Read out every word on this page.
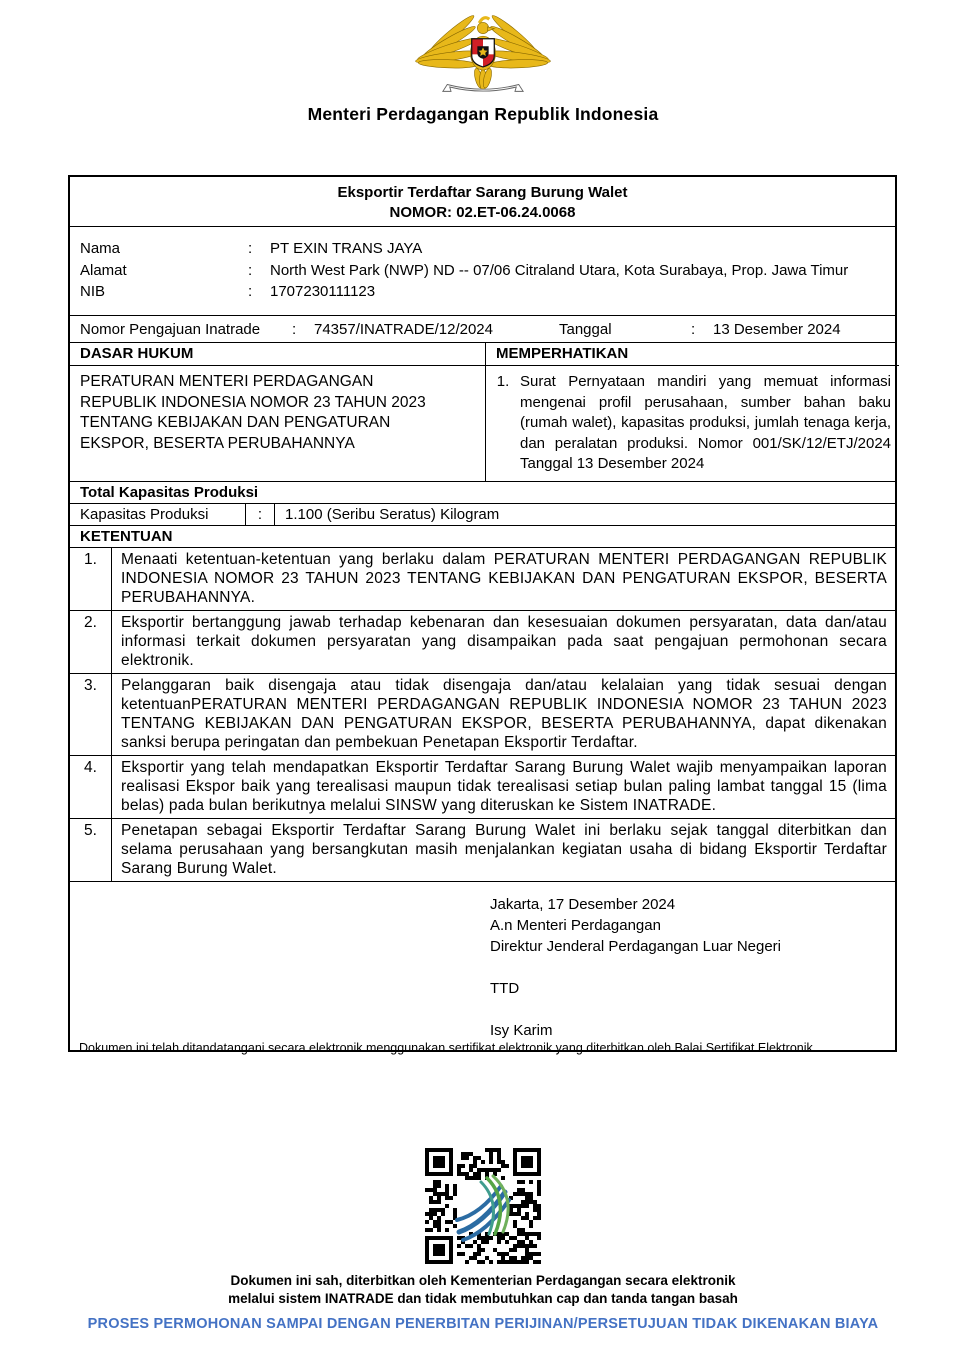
Menteri Perdagangan Republik Indonesia
Eksportir Terdaftar Sarang Burung Walet
NOMOR: 02.ET-06.24.0068
Nama	:	PT EXIN TRANS JAYA
Alamat	:	North West Park (NWP) ND -- 07/06 Citraland Utara, Kota Surabaya, Prop. Jawa Timur
NIB	:	1707230111123
Nomor Pengajuan Inatrade	:	74357/INATRADE/12/2024	Tanggal	:	13 Desember 2024
DASAR HUKUM
PERATURAN MENTERI PERDAGANGAN REPUBLIK INDONESIA NOMOR 23 TAHUN 2023 TENTANG KEBIJAKAN DAN PENGATURAN EKSPOR, BESERTA PERUBAHANNYA
MEMPERHATIKAN
1. Surat Pernyataan mandiri yang memuat informasi mengenai profil perusahaan, sumber bahan baku (rumah walet), kapasitas produksi, jumlah tenaga kerja, dan peralatan produksi. Nomor 001/SK/12/ETJ/2024 Tanggal 13 Desember 2024
Total Kapasitas Produksi
Kapasitas Produksi	:	1.100 (Seribu Seratus) Kilogram
KETENTUAN
1.	Menaati ketentuan-ketentuan yang berlaku dalam PERATURAN MENTERI PERDAGANGAN REPUBLIK INDONESIA NOMOR 23 TAHUN 2023 TENTANG KEBIJAKAN DAN PENGATURAN EKSPOR, BESERTA PERUBAHANNYA.
2.	Eksportir bertanggung jawab terhadap kebenaran dan kesesuaian dokumen persyaratan, data dan/atau informasi terkait dokumen persyaratan yang disampaikan pada saat pengajuan permohonan secara elektronik.
3.	Pelanggaran baik disengaja atau tidak disengaja dan/atau kelalaian yang tidak sesuai dengan ketentuanPERATURAN MENTERI PERDAGANGAN REPUBLIK INDONESIA NOMOR 23 TAHUN 2023 TENTANG KEBIJAKAN DAN PENGATURAN EKSPOR, BESERTA PERUBAHANNYA, dapat dikenakan sanksi berupa peringatan dan pembekuan Penetapan Eksportir Terdaftar.
4.	Eksportir yang telah mendapatkan Eksportir Terdaftar Sarang Burung Walet wajib menyampaikan laporan realisasi Ekspor baik yang terealisasi maupun tidak terealisasi setiap bulan paling lambat tanggal 15 (lima belas) pada bulan berikutnya melalui SINSW yang diteruskan ke Sistem INATRADE.
5.	Penetapan sebagai Eksportir Terdaftar Sarang Burung Walet ini berlaku sejak tanggal diterbitkan dan selama perusahaan yang bersangkutan masih menjalankan kegiatan usaha di bidang Eksportir Terdaftar Sarang Burung Walet.
Jakarta, 17 Desember 2024
A.n Menteri Perdagangan
Direktur Jenderal Perdagangan Luar Negeri
TTD
Isy Karim
Dokumen ini telah ditandatangani secara elektronik menggunakan sertifikat elektronik yang diterbitkan oleh Balai Sertifikat Elektronik.
Dokumen ini sah, diterbitkan oleh Kementerian Perdagangan secara elektronik
melalui sistem INATRADE dan tidak membutuhkan cap dan tanda tangan basah
PROSES PERMOHONAN SAMPAI DENGAN PENERBITAN PERIJINAN/PERSETUJUAN TIDAK DIKENAKAN BIAYA
